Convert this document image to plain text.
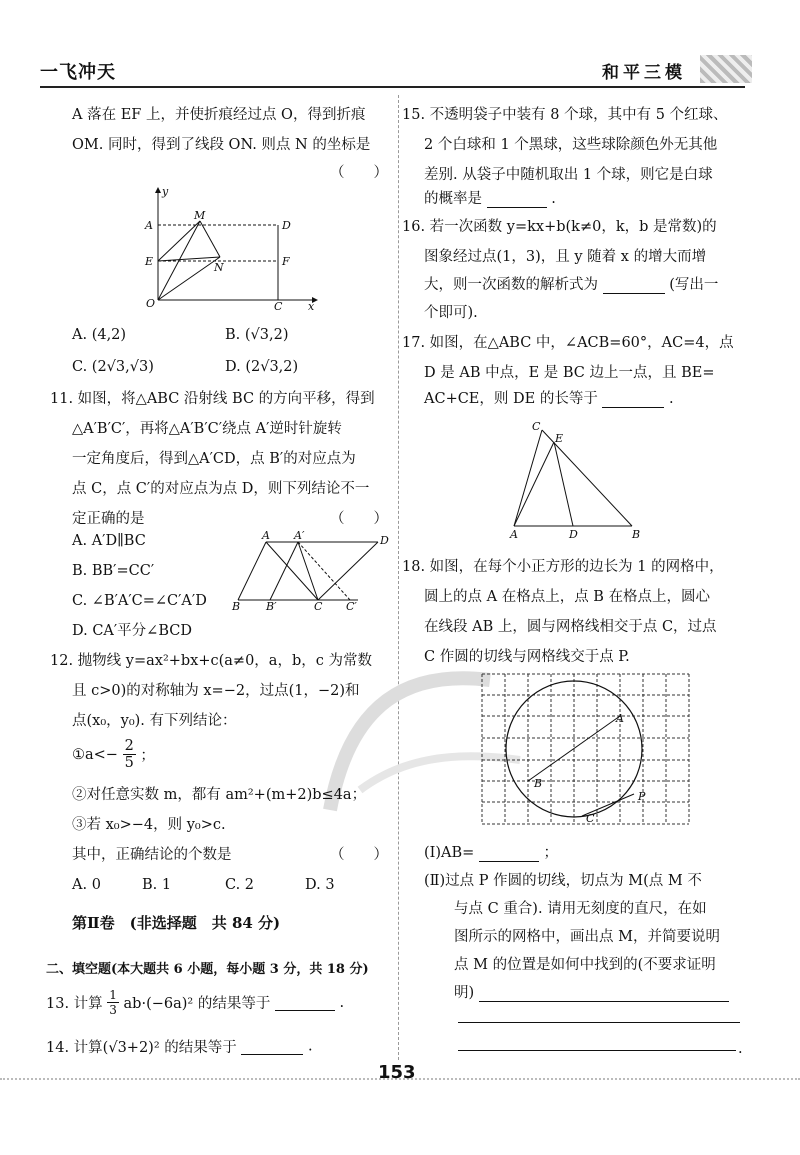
一飞冲天	和平三模
A 落在 EF 上，并使折痕经过点 O，得到折痕
OM. 同时，得到了线段 ON. 则点 N 的坐标是
（　　）
y
x
A
M
D
E	N	F
O	C
A. (4,2)	B. (√3,2)
C. (2√3,√3)	D. (2√3,2)
11. 如图，将△ABC 沿射线 BC 的方向平移，得到
△A′B′C′，再将△A′B′C′绕点 A′逆时针旋转
一定角度后，得到△A′CD，点 B′的对应点为
点 C，点 C′的对应点为点 D，则下列结论不一
定正确的是	（　　）
A. A′D∥BC
B. BB′=CC′
C. ∠B′A′C=∠C′A′D
D. CA′平分∠BCD
A A′	D
B B′	C C′
12. 抛物线 y=ax²+bx+c(a≠0，a，b，c 为常数
且 c>0)的对称轴为 x=−2，过点(1，−2)和
点(x₀，y₀). 有下列结论：
①a<− $\frac{2}{5}$ ；
②对任意实数 m，都有 am²+(m+2)b≤4a；
③若 x₀>−4，则 y₀>c.
其中，正确结论的个数是	（　　）
A. 0	B. 1	C. 2	D. 3
第Ⅱ卷　(非选择题　共 84 分)
二、填空题(本大题共 6 小题，每小题 3 分，共 18 分)
13. 计算 $\frac{1}{3} ab\cdot(-6a)^2$ 的结果等于	.
14. 计算(√3+2)² 的结果等于	.
15. 不透明袋子中装有 8 个球，其中有 5 个红球、
2 个白球和 1 个黑球，这些球除颜色外无其他
差别. 从袋子中随机取出 1 个球，则它是白球
的概率是	.
16. 若一次函数 y=kx+b(k≠0，k，b 是常数)的
图象经过点(1，3)，且 y 随着 x 的增大而增
大，则一次函数的解析式为	(写出一
个即可).
17. 如图，在△ABC 中，∠ACB=60°，AC=4，点
D 是 AB 中点，E 是 BC 边上一点，且 BE=
AC+CE，则 DE 的长等于	.
C
E
A	D	B
18. 如图，在每个小正方形的边长为 1 的网格中，
圆上的点 A 在格点上，点 B 在格点上，圆心
在线段 AB 上，圆与网格线相交于点 C，过点
C 作圆的切线与网格线交于点 P.
A
B
P
C
(Ⅰ)AB=	；
(Ⅱ)过点 P 作圆的切线，切点为 M(点 M 不
与点 C 重合). 请用无刻度的直尺，在如
图所示的网格中，画出点 M，并简要说明
点 M 的位置是如何中找到的(不要求证明
明)
.
153
